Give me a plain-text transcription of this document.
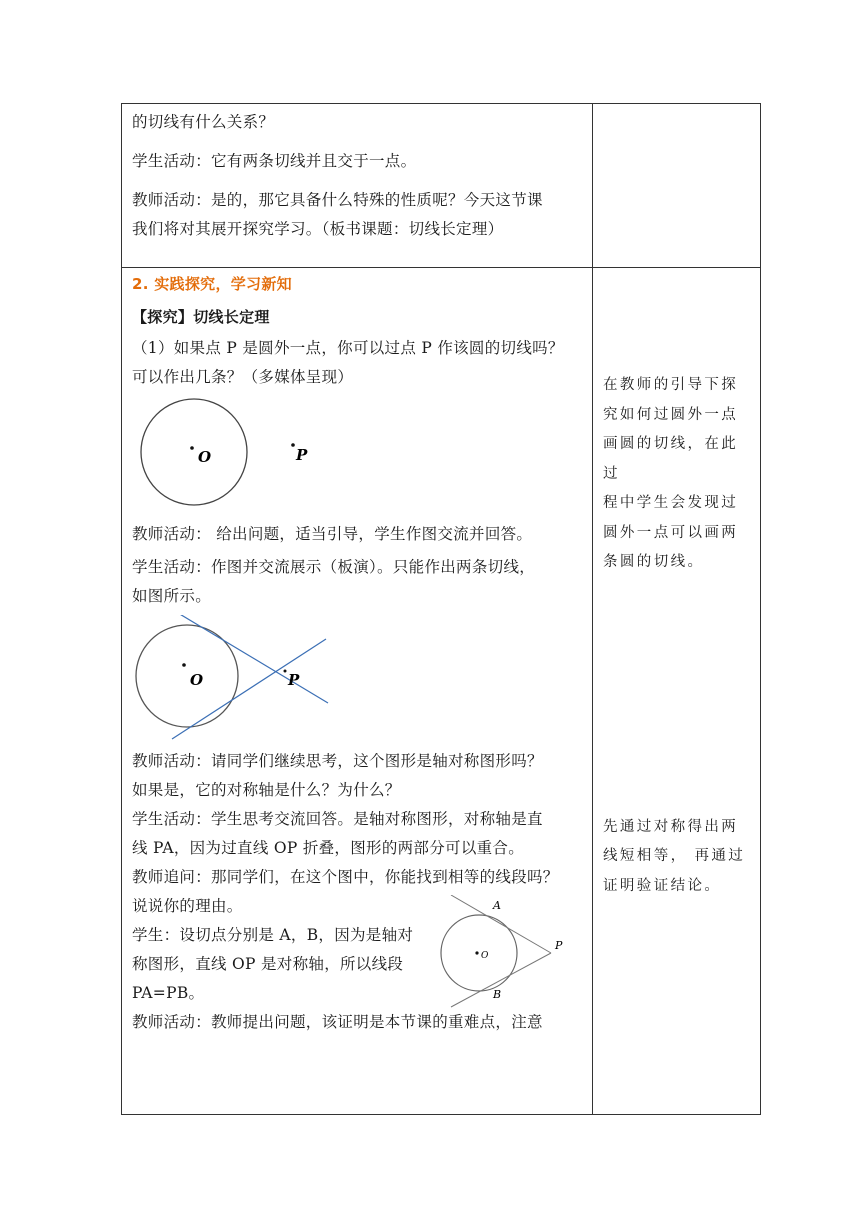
的切线有什么关系？

学生活动：它有两条切线并且交于一点。

教师活动：是的，那它具备什么特殊的性质呢？今天这节课

我们将对其展开探究学习。（板书课题：切线长定理）

2. 实践探究，学习新知

【探究】切线长定理

（1）如果点 P 是圆外一点，你可以过点 P 作该圆的切线吗？

可以作出几条？（多媒体呈现）

O	P

教师活动： 给出问题，适当引导，学生作图交流并回答。

学生活动：作图并交流展示（板演）。只能作出两条切线，

如图所示。

O	P

教师活动：请同学们继续思考，这个图形是轴对称图形吗？

如果是，它的对称轴是什么？为什么？

学生活动：学生思考交流回答。是轴对称图形，对称轴是直

线 PA，因为过直线 OP 折叠，图形的两部分可以重合。

教师追问：那同学们，在这个图中，你能找到相等的线段吗？

说说你的理由。

学生：设切点分别是 A，B，因为是轴对

称图形，直线 OP 是对称轴，所以线段

PA=PB。

A
B
O
P

教师活动：教师提出问题，该证明是本节课的重难点，注意

在教师的引导下探

究如何过圆外一点

画圆的切线，在此过

程中学生会发现过

圆外一点可以画两

条圆的切线。

先通过对称得出两

线短相等， 再通过

证明验证结论。
